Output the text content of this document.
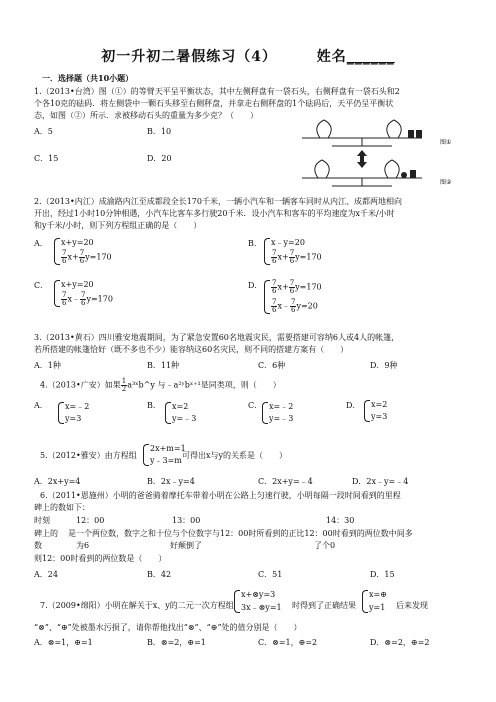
初一升初二暑假练习（4）	姓名______
一．选择题（共10小题）
1.（2013•台湾）图（①）的等臂天平呈平衡状态，其中左侧秤盘有一袋石头，右侧秤盘有一袋石头和2
个各10克的砝码．将左侧袋中一颗石头移至右侧秤盘，并拿走右侧秤盘的1个砝码后，天平仍呈平衡状
态，如图（②）所示．求被移动石头的重量为多少克？（　　）
A．5	B．10
C．15	D．20
图①
图②
2.（2013•内江）成渝路内江至成都段全长170千米，一辆小汽车和一辆客车同时从内江、成都两地相向
开出，经过1小时10分钟相遇，小汽车比客车多行驶20千米．设小汽车和客车的平均速度为x千米/小时
和y千米/小时，则下列方程组正确的是（　　）
A． x+y=20
$\frac{7}{6} x+ \frac{7}{6} y=170$
B． x﹣y=20
$\frac{7}{6} x+ \frac{7}{6} y=170$
C． x+y=20
$\frac{7}{6}$ x﹣ $\frac{7}{6} y=170$
D． $\frac{7}{6} x+ \frac{7}{6} y=170$
$\frac{7}{6}$ x﹣ $\frac{7}{6} y=20$
3.（2013•黄石）四川雅安地震期间，为了紧急安置60名地震灾民，需要搭建可容纳6人或4人的帐篷，
若所搭建的帐篷恰好（既不多也不少）能容纳这60名灾民，则不同的搭建方案有（　　）
A．1种	B．11种	C．6种	D．9种
4.（2013•广安）如果 $\frac{1}{2}$ a³ˣb^y 与﹣a²ʸbˣ⁺¹是同类项，则（　　）
A． x=﹣2
y=3
B． x=2
y=﹣3
C． x=﹣2
y=﹣3
D． x=2
y=3
5.（2012•雅安）由方程组
2x+m=1
y﹣3=m
可得出x与y的关系是（　　）
A．2x+y=4	B．2x﹣y=4	C．2x+y=﹣4	D．2x﹣y=﹣4
6.（2011•恩施州）小明的爸爸骑着摩托车带着小明在公路上匀速行驶，小明每隔一段时间看到的里程
碑上的数如下：
时刻	12：00	13：00	14：30
碑上的 是一个两位数，数字之和十位与个位数字与12：00时所看到的正比12：00时看到的两位数中间多
数	为6	好颠倒了	了个0
则12：00时看到的两位数是（　　）
A．24	B．42	C．51	D．15
7.（2009•绵阳）小明在解关于x、y的二元一次方程组
x+⊗y=3
3x﹣⊗y=1 时得到了正确结果
x=⊕
y=1 后来发现
“⊗”、“⊕”处被墨水污损了，请你帮他找出“⊗”、“⊕”处的值分别是（　　）
A．⊗=1，⊕=1	B．⊗=2，⊕=1	C．⊗=1，⊕=2	D．⊗=2，⊕=2
